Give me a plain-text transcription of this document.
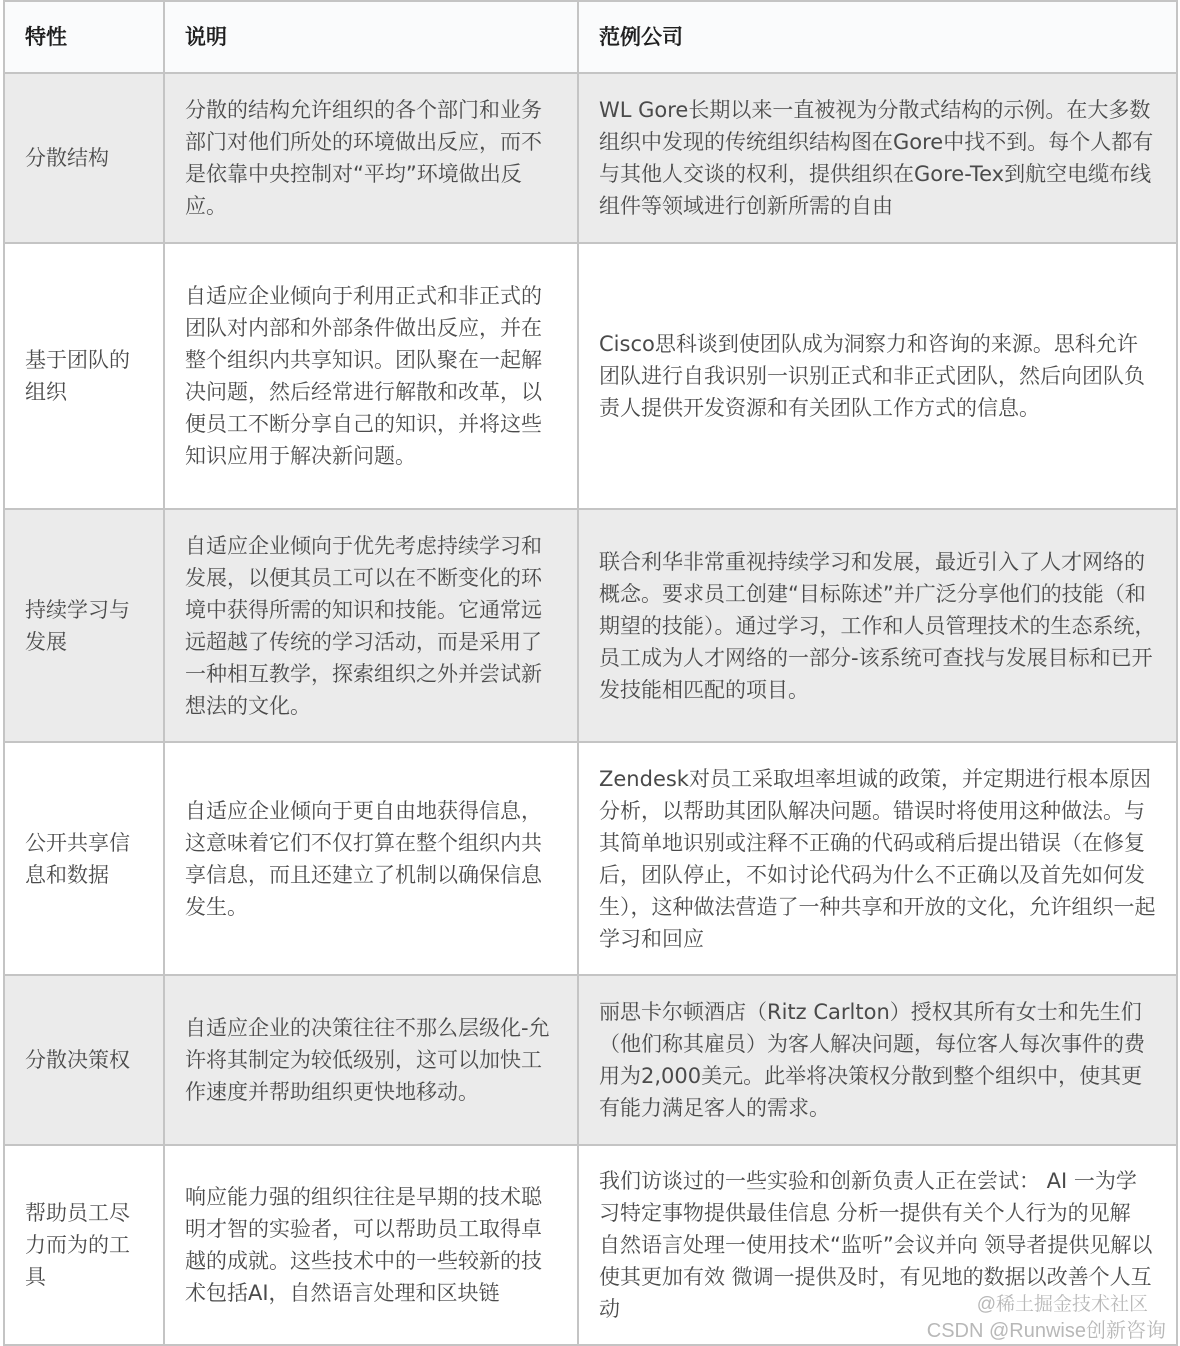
特性	说明	范例公司
分散结构	分散的结构允许组织的各个部门和业务部门对他们所处的环境做出反应，而不是依靠中央控制对“平均”环境做出反应。	WL Gore长期以来一直被视为分散式结构的示例。在大多数组织中发现的传统组织结构图在Gore中找不到。每个人都有与其他人交谈的权利，提供组织在Gore-Tex到航空电缆布线组件等领域进行创新所需的自由
基于团队的组织	自适应企业倾向于利用正式和非正式的团队对内部和外部条件做出反应，并在整个组织内共享知识。团队聚在一起解决问题，然后经常进行解散和改革，以便员工不断分享自己的知识，并将这些知识应用于解决新问题。	Cisco思科谈到使团队成为洞察力和咨询的来源。思科允许团队进行自我识别一识别正式和非正式团队，然后向团队负责人提供开发资源和有关团队工作方式的信息。
持续学习与发展	自适应企业倾向于优先考虑持续学习和发展，以便其员工可以在不断变化的环境中获得所需的知识和技能。它通常远远超越了传统的学习活动，而是采用了一种相互教学，探索组织之外并尝试新想法的文化。	联合利华非常重视持续学习和发展，最近引入了人才网络的概念。要求员工创建“目标陈述”并广泛分享他们的技能（和期望的技能）。通过学习，工作和人员管理技术的生态系统，员工成为人才网络的一部分-该系统可查找与发展目标和已开发技能相匹配的项目。
公开共享信息和数据	自适应企业倾向于更自由地获得信息，这意味着它们不仅打算在整个组织内共享信息，而且还建立了机制以确保信息发生。	Zendesk对员工采取坦率坦诚的政策，并定期进行根本原因分析，以帮助其团队解决问题。错误时将使用这种做法。与其简单地识别或注释不正确的代码或稍后提出错误（在修复后，团队停止，不如讨论代码为什么不正确以及首先如何发生），这种做法营造了一种共享和开放的文化，允许组织一起学习和回应
分散决策权	自适应企业的决策往往不那么层级化-允许将其制定为较低级别，这可以加快工作速度并帮助组织更快地移动。	丽思卡尔顿酒店（Ritz Carlton）授权其所有女士和先生们（他们称其雇员）为客人解决问题，每位客人每次事件的费用为2,000美元。此举将决策权分散到整个组织中，使其更有能力满足客人的需求。
帮助员工尽力而为的工具	响应能力强的组织往往是早期的技术聪明才智的实验者，可以帮助员工取得卓越的成就。这些技术中的一些较新的技术包括AI，自然语言处理和区块链	我们访谈过的一些实验和创新负责人正在尝试： AI 一为学习特定事物提供最佳信息 分析一提供有关个人行为的见解 自然语言处理一使用技术“监听”会议并向 领导者提供见解以使其更加有效 微调一提供及时，有见地的数据以改善个人互动	@稀土掘金技术社区
CSDN @Runwise创新咨询
